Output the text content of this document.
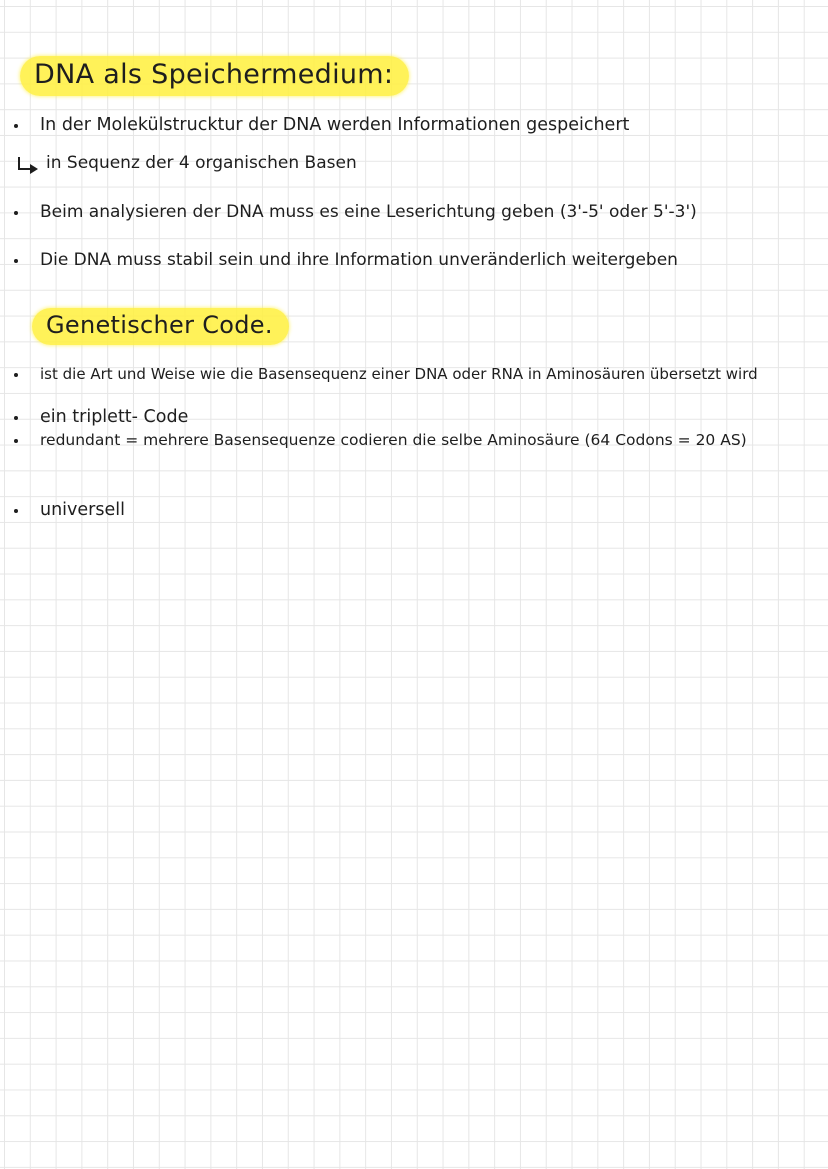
DNA als Speichermedium:
In der Molekülstrucktur der DNA werden Informationen gespeichert
in Sequenz der 4 organischen Basen
Beim analysieren der DNA muss es eine Leserichtung geben (3'-5' oder 5'-3')
Die DNA muss stabil sein und ihre Information unveränderlich weitergeben
Genetischer Code.
ist die Art und Weise wie die Basensequenz einer DNA oder RNA in Aminosäuren übersetzt wird
ein triplett- Code
redundant = mehrere Basensequenze codieren die selbe Aminosäure (64 Codons = 20 AS)
universell
